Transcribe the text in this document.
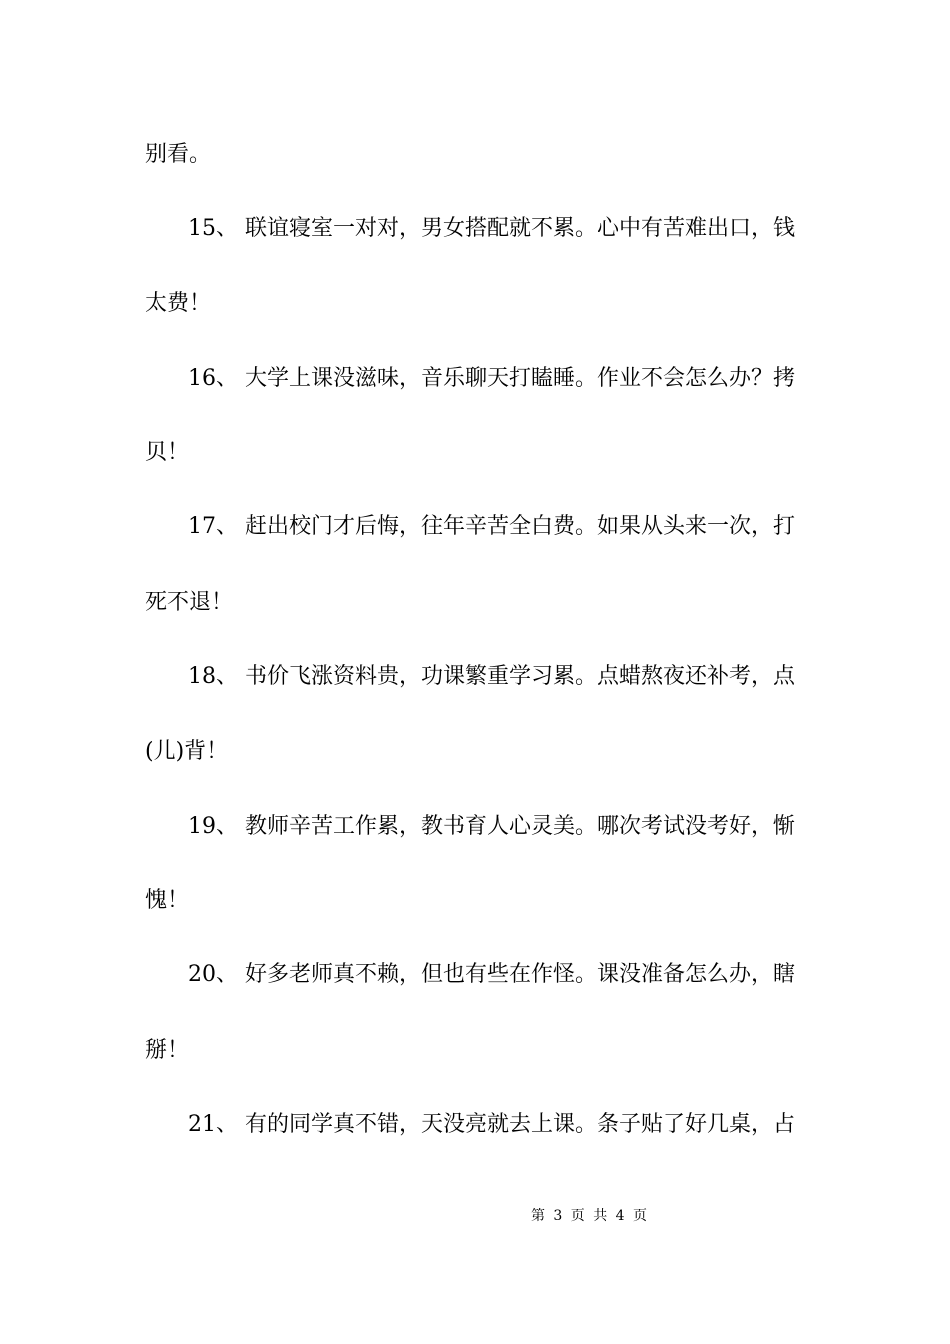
别看。
15、 联谊寝室一对对，男女搭配就不累。心中有苦难出口，钱
太费！
16、 大学上课没滋味，音乐聊天打瞌睡。作业不会怎么办？拷
贝！
17、 赶出校门才后悔，往年辛苦全白费。如果从头来一次，打
死不退！
18、 书价飞涨资料贵，功课繁重学习累。点蜡熬夜还补考，点
(儿)背！
19、 教师辛苦工作累，教书育人心灵美。哪次考试没考好，惭
愧！
20、 好多老师真不赖，但也有些在作怪。课没准备怎么办，瞎
掰！
21、 有的同学真不错，天没亮就去上课。条子贴了好几桌，占
第 3 页 共 4 页
